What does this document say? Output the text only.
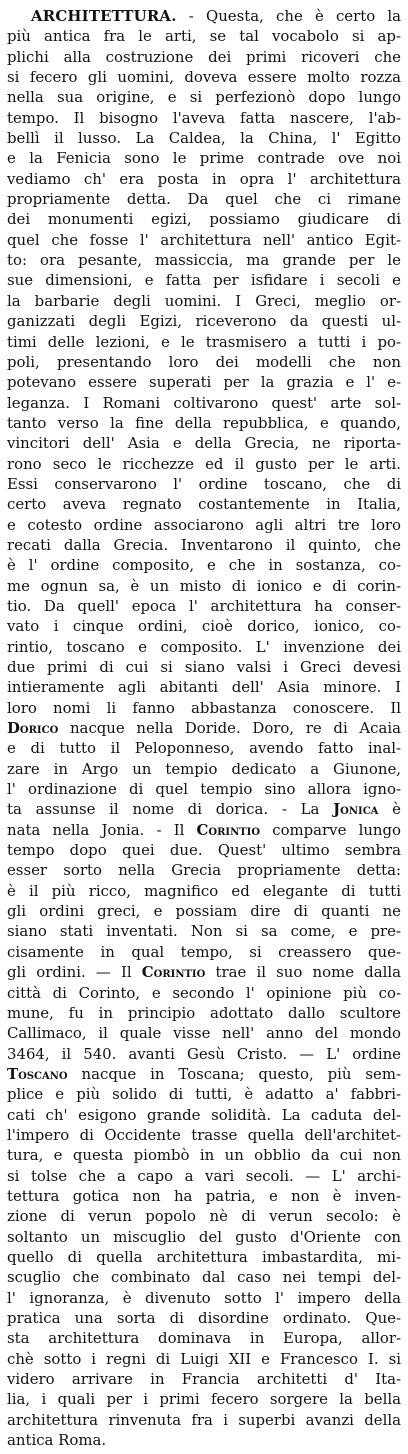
ARCHITETTURA. - Questa, che è certo la
più antica fra le arti, se tal vocabolo si ap-
plichi alla costruzione dei primi ricoveri che
si fecero gli uomini, doveva essere molto rozza
nella sua origine, e si perfezionò dopo lungo
tempo. Il bisogno l'aveva fatta nascere, l'ab-
bellì il lusso. La Caldea, la China, l' Egitto
e la Fenicia sono le prime contrade ove noi
vediamo ch' era posta in opra l' architettura
propriamente detta. Da quel che ci rimane
dei monumenti egizi, possiamo giudicare di
quel che fosse l' architettura nell' antico Egit-
to: ora pesante, massiccia, ma grande per le
sue dimensioni, e fatta per isfidare i secoli e
la barbarie degli uomini. I Greci, meglio or-
ganizzati degli Egizi, riceverono da questi ul-
timi delle lezioni, e le trasmisero a tutti i po-
poli, presentando loro dei modelli che non
potevano essere superati per la grazia e l' e-
leganza. I Romani coltivarono quest' arte sol-
tanto verso la fine della repubblica, e quando,
vincitori dell' Asia e della Grecia, ne riporta-
rono seco le ricchezze ed il gusto per le arti.
Essi conservarono l' ordine toscano, che di
certo aveva regnato costantemente in Italia,
e cotesto ordine associarono agli altri tre loro
recati dalla Grecia. Inventarono il quinto, che
è l' ordine composito, e che in sostanza, co-
me ognun sa, è un misto di ionico e di corin-
tio. Da quell' epoca l' architettura ha conser-
vato i cinque ordini, cioè dorico, ionico, co-
rintio, toscano e composito. L' invenzione dei
due primi di cui si siano valsi i Greci devesi
intieramente agli abitanti dell' Asia minore. I
loro nomi li fanno abbastanza conoscere. Il
Dorico nacque nella Doride. Doro, re di Acaia
e di tutto il Peloponneso, avendo fatto inal-
zare in Argo un tempio dedicato a Giunone,
l' ordinazione di quel tempio sino allora igno-
ta assunse il nome di dorica. - La Jonica è
nata nella Jonia. - Il Corintio comparve lungo
tempo dopo quei due. Quest' ultimo sembra
esser sorto nella Grecia propriamente detta:
è il più ricco, magnifico ed elegante di tutti
gli ordini greci, e possiam dire di quanti ne
siano stati inventati. Non si sa come, e pre-
cisamente in qual tempo, si creassero que-
gli ordini. — Il Corintio trae il suo nome dalla
città di Corinto, e secondo l' opinione più co-
mune, fu in principio adottato dallo scultore
Callimaco, il quale visse nell' anno del mondo
3464, il 540. avanti Gesù Cristo. — L' ordine
Toscano nacque in Toscana; questo, più sem-
plice e più solido di tutti, è adatto a' fabbri-
cati ch' esigono grande solidità. La caduta del-
l'impero di Occidente trasse quella dell'architet-
tura, e questa piombò in un obblio da cui non
si tolse che a capo a vari secoli. — L' archi-
tettura gotica non ha patria, e non è inven-
zione di verun popolo nè di verun secolo: è
soltanto un miscuglio del gusto d'Oriente con
quello di quella architettura imbastardita, mi-
scuglio che combinato dal caso nei tempi del-
l' ignoranza, è divenuto sotto l' impero della
pratica una sorta di disordine ordinato. Que-
sta architettura dominava in Europa, allor-
chè sotto i regni di Luigi XII e Francesco I. si
videro arrivare in Francia architetti d' Ita-
lia, i quali per i primi fecero sorgere la bella
architettura rinvenuta fra i superbi avanzi della
antica Roma.
